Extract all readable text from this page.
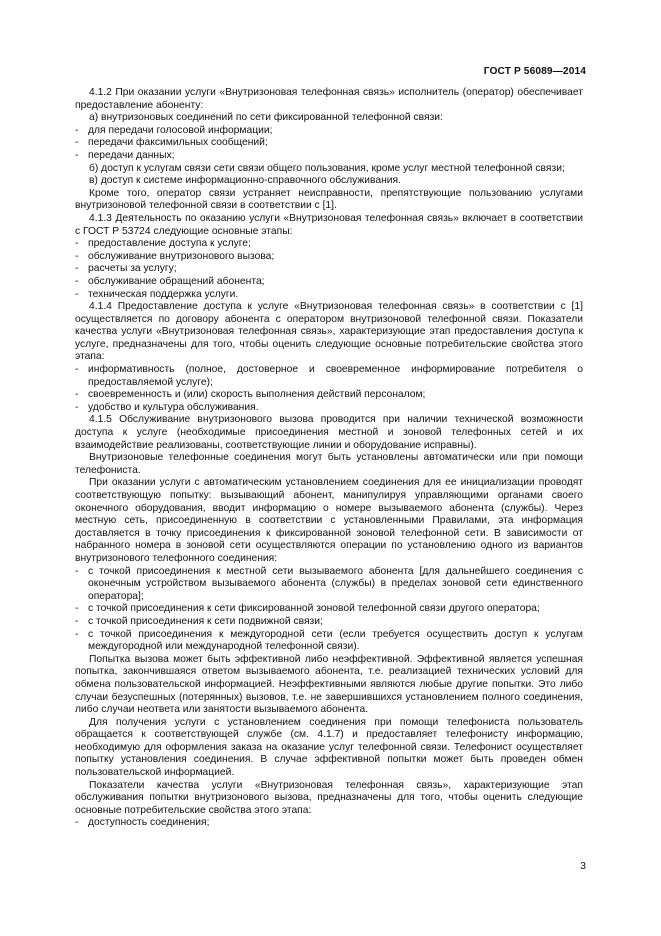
ГОСТ Р 56089—2014

4.1.2 При оказании услуги «Внутризоновая телефонная связь» исполнитель (оператор) обеспечивает предоставление абоненту:

а) внутризоновых соединений по сети фиксированной телефонной связи:

- для передачи голосовой информации;

- передачи факсимильных сообщений;

- передачи данных;

б) доступ к услугам связи сети связи общего пользования, кроме услуг местной телефонной связи;

в) доступ к системе информационно-справочного обслуживания.

Кроме того, оператор связи устраняет неисправности, препятствующие пользованию услугами внутризоновой телефонной связи в соответствии с [1].

4.1.3 Деятельность по оказанию услуги «Внутризоновая телефонная связь» включает в соответствии с ГОСТ Р 53724 следующие основные этапы:

- предоставление доступа к услуге;

- обслуживание внутризонового вызова;

- расчеты за услугу;

- обслуживание обращений абонента;

- техническая поддержка услуги.

4.1.4 Предоставление доступа к услуге «Внутризоновая телефонная связь» в соответствии с [1] осуществляется по договору абонента с оператором внутризоновой телефонной связи. Показатели качества услуги «Внутризоновая телефонная связь», характеризующие этап предоставления доступа к услуге, предназначены для того, чтобы оценить следующие основные потребительские свойства этого этапа:

- информативность (полное, достоверное и своевременное информирование потребителя о предоставляемой услуге);

- своевременность и (или) скорость выполнения действий персоналом;

- удобство и культура обслуживания.

4.1.5 Обслуживание внутризонового вызова проводится при наличии технической возможности доступа к услуге (необходимые присоединения местной и зоновой телефонных сетей и их взаимодействие реализованы, соответствующие линии и оборудование исправны).

Внутризоновые телефонные соединения могут быть установлены автоматически или при помощи телефониста.

При оказании услуги с автоматическим установлением соединения для ее инициализации проводят соответствующую попытку: вызывающий абонент, манипулируя управляющими органами своего оконечного оборудования, вводит информацию о номере вызываемого абонента (службы). Через местную сеть, присоединенную в соответствии с установленными Правилами, эта информация доставляется в точку присоединения к фиксированной зоновой телефонной сети. В зависимости от набранного номера в зоновой сети осуществляются операции по установлению одного из вариантов внутризонового телефонного соединения:

- с точкой присоединения к местной сети вызываемого абонента [для дальнейшего соединения с оконечным устройством вызываемого абонента (службы) в пределах зоновой сети единственного оператора];

- с точкой присоединения к сети фиксированной зоновой телефонной связи другого оператора;

- с точкой присоединения к сети подвижной связи;

- с точкой присоединения к междугородной сети (если требуется осуществить доступ к услугам междугородной или международной телефонной связи).

Попытка вызова может быть эффективной либо неэффективной. Эффективной является успешная попытка, закончившаяся ответом вызываемого абонента, т.е. реализацией технических условий для обмена пользовательской информацией. Неэффективными являются любые другие попытки. Это либо случаи безуспешных (потерянных) вызовов, т.е. не завершившихся установлением полного соединения, либо случаи неответа или занятости вызываемого абонента.

Для получения услуги с установлением соединения при помощи телефониста пользователь обращается к соответствующей службе (см. 4.1.7) и предоставляет телефонисту информацию, необходимую для оформления заказа на оказание услуг телефонной связи. Телефонист осуществляет попытку установления соединения. В случае эффективной попытки может быть проведен обмен пользовательской информацией.

Показатели качества услуги «Внутризоновая телефонная связь», характеризующие этап обслуживания попытки внутризонового вызова, предназначены для того, чтобы оценить следующие основные потребительские свойства этого этапа:

- доступность соединения;

3
